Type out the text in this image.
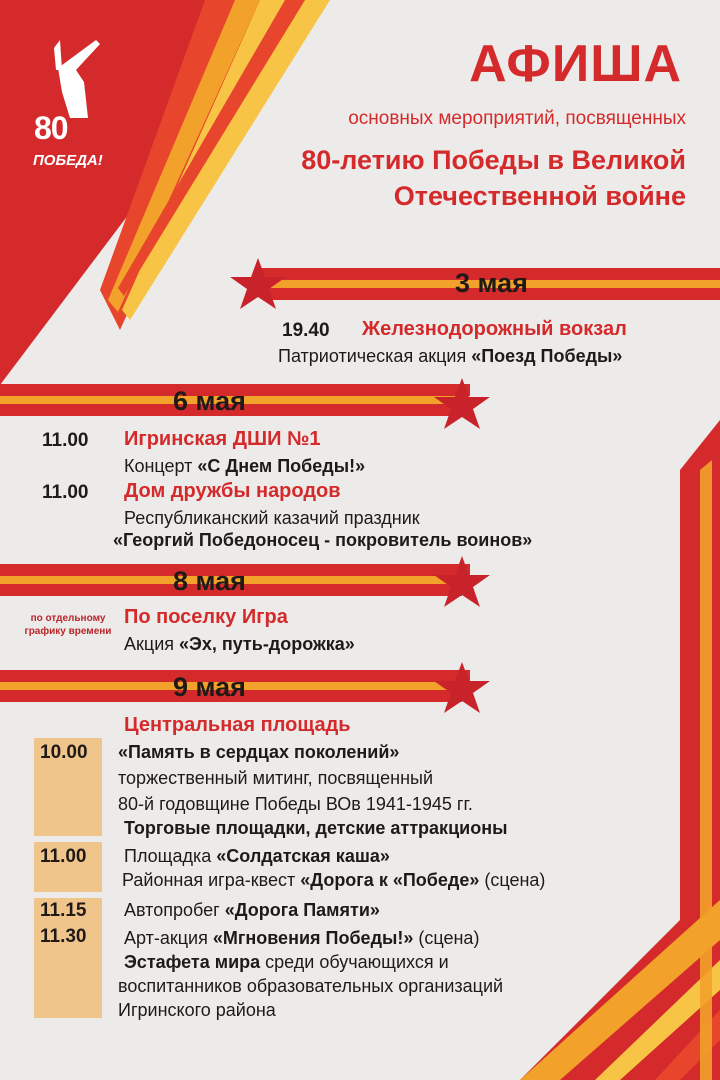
80
ПОБЕДА!
АФИША
основных мероприятий, посвященных
80-летию Победы в Великой Отечественной войне
3 мая
19.40 Железнодорожный вокзал
Патриотическая акция «Поезд Победы»
6 мая
11.00 Игринская ДШИ №1
Концерт «С Днем Победы!»
11.00 Дом дружбы народов
Республиканский казачий праздник
«Георгий Победоносец - покровитель воинов»
8 мая
по отдельному графику времени
По поселку Игра
Акция «Эх, путь-дорожка»
9 мая
Центральная площадь
10.00 «Память в сердцах поколений»
торжественный митинг, посвященный
80-й годовщине Победы ВОв 1941-1945 гг.
Торговые площадки, детские аттракционы
11.00 Площадка «Солдатская каша»
Районная игра-квест «Дорога к «Победе» (сцена)
11.15 Автопробег «Дорога Памяти»
11.30 Арт-акция «Мгновения Победы!» (сцена)
Эстафета мира среди обучающихся и
воспитанников образовательных организаций
Игринского района
